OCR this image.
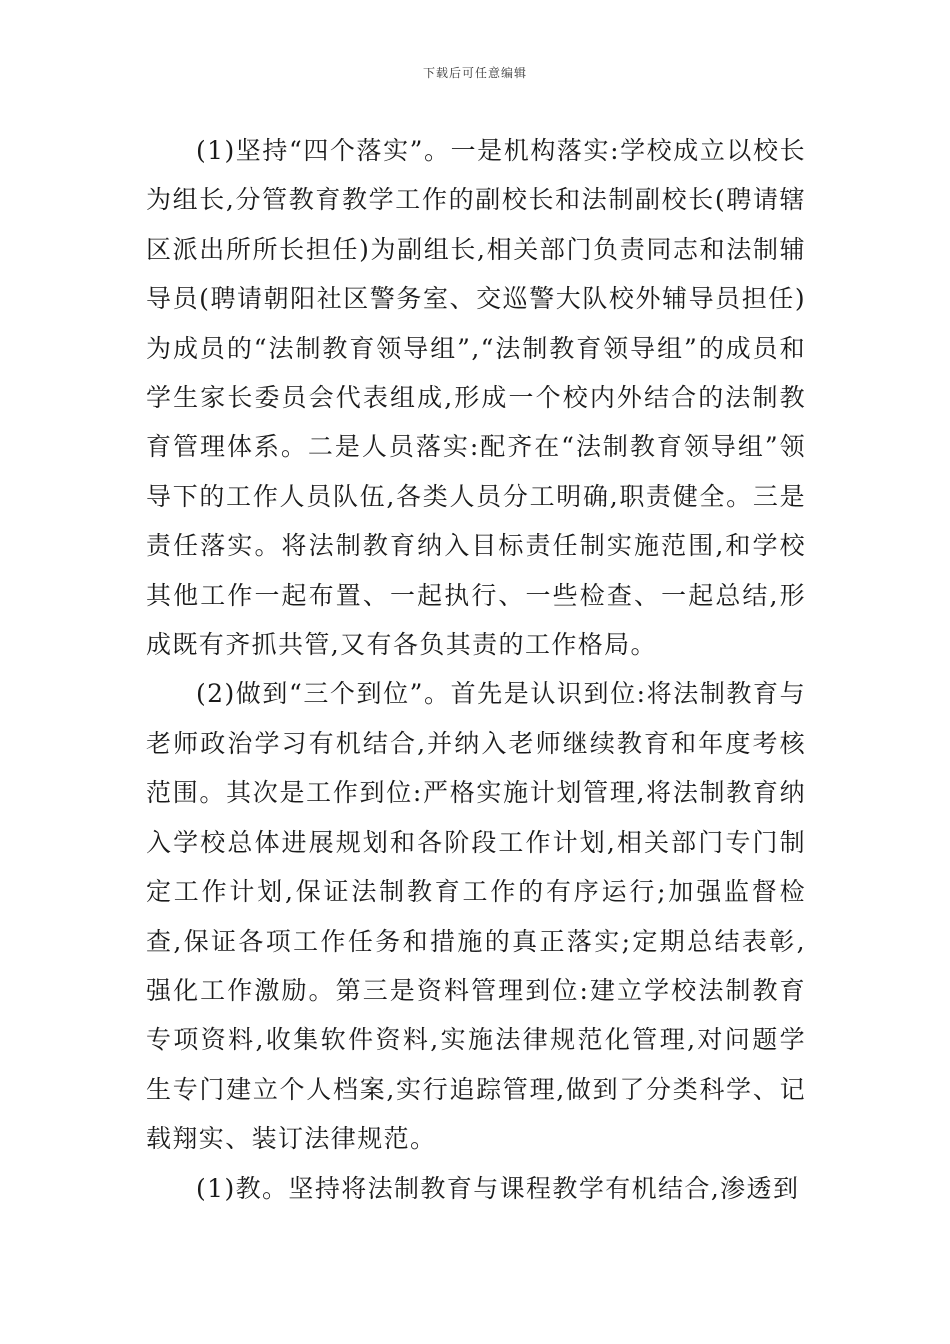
下载后可任意编辑

(1)坚持“四个落实”。一是机构落实:学校成立以校长为组长,分管教育教学工作的副校长和法制副校长(聘请辖区派出所所长担任)为副组长,相关部门负责同志和法制辅导员(聘请朝阳社区警务室、交巡警大队校外辅导员担任)为成员的“法制教育领导组”,“法制教育领导组”的成员和学生家长委员会代表组成,形成一个校内外结合的法制教育管理体系。二是人员落实:配齐在“法制教育领导组”领导下的工作人员队伍,各类人员分工明确,职责健全。三是责任落实。将法制教育纳入目标责任制实施范围,和学校其他工作一起布置、一起执行、一些检查、一起总结,形成既有齐抓共管,又有各负其责的工作格局。

(2)做到“三个到位”。首先是认识到位:将法制教育与老师政治学习有机结合,并纳入老师继续教育和年度考核范围。其次是工作到位:严格实施计划管理,将法制教育纳入学校总体进展规划和各阶段工作计划,相关部门专门制定工作计划,保证法制教育工作的有序运行;加强监督检查,保证各项工作任务和措施的真正落实;定期总结表彰,强化工作激励。第三是资料管理到位:建立学校法制教育专项资料,收集软件资料,实施法律规范化管理,对问题学生专门建立个人档案,实行追踪管理,做到了分类科学、记载翔实、装订法律规范。

(1)教。坚持将法制教育与课程教学有机结合,渗透到
